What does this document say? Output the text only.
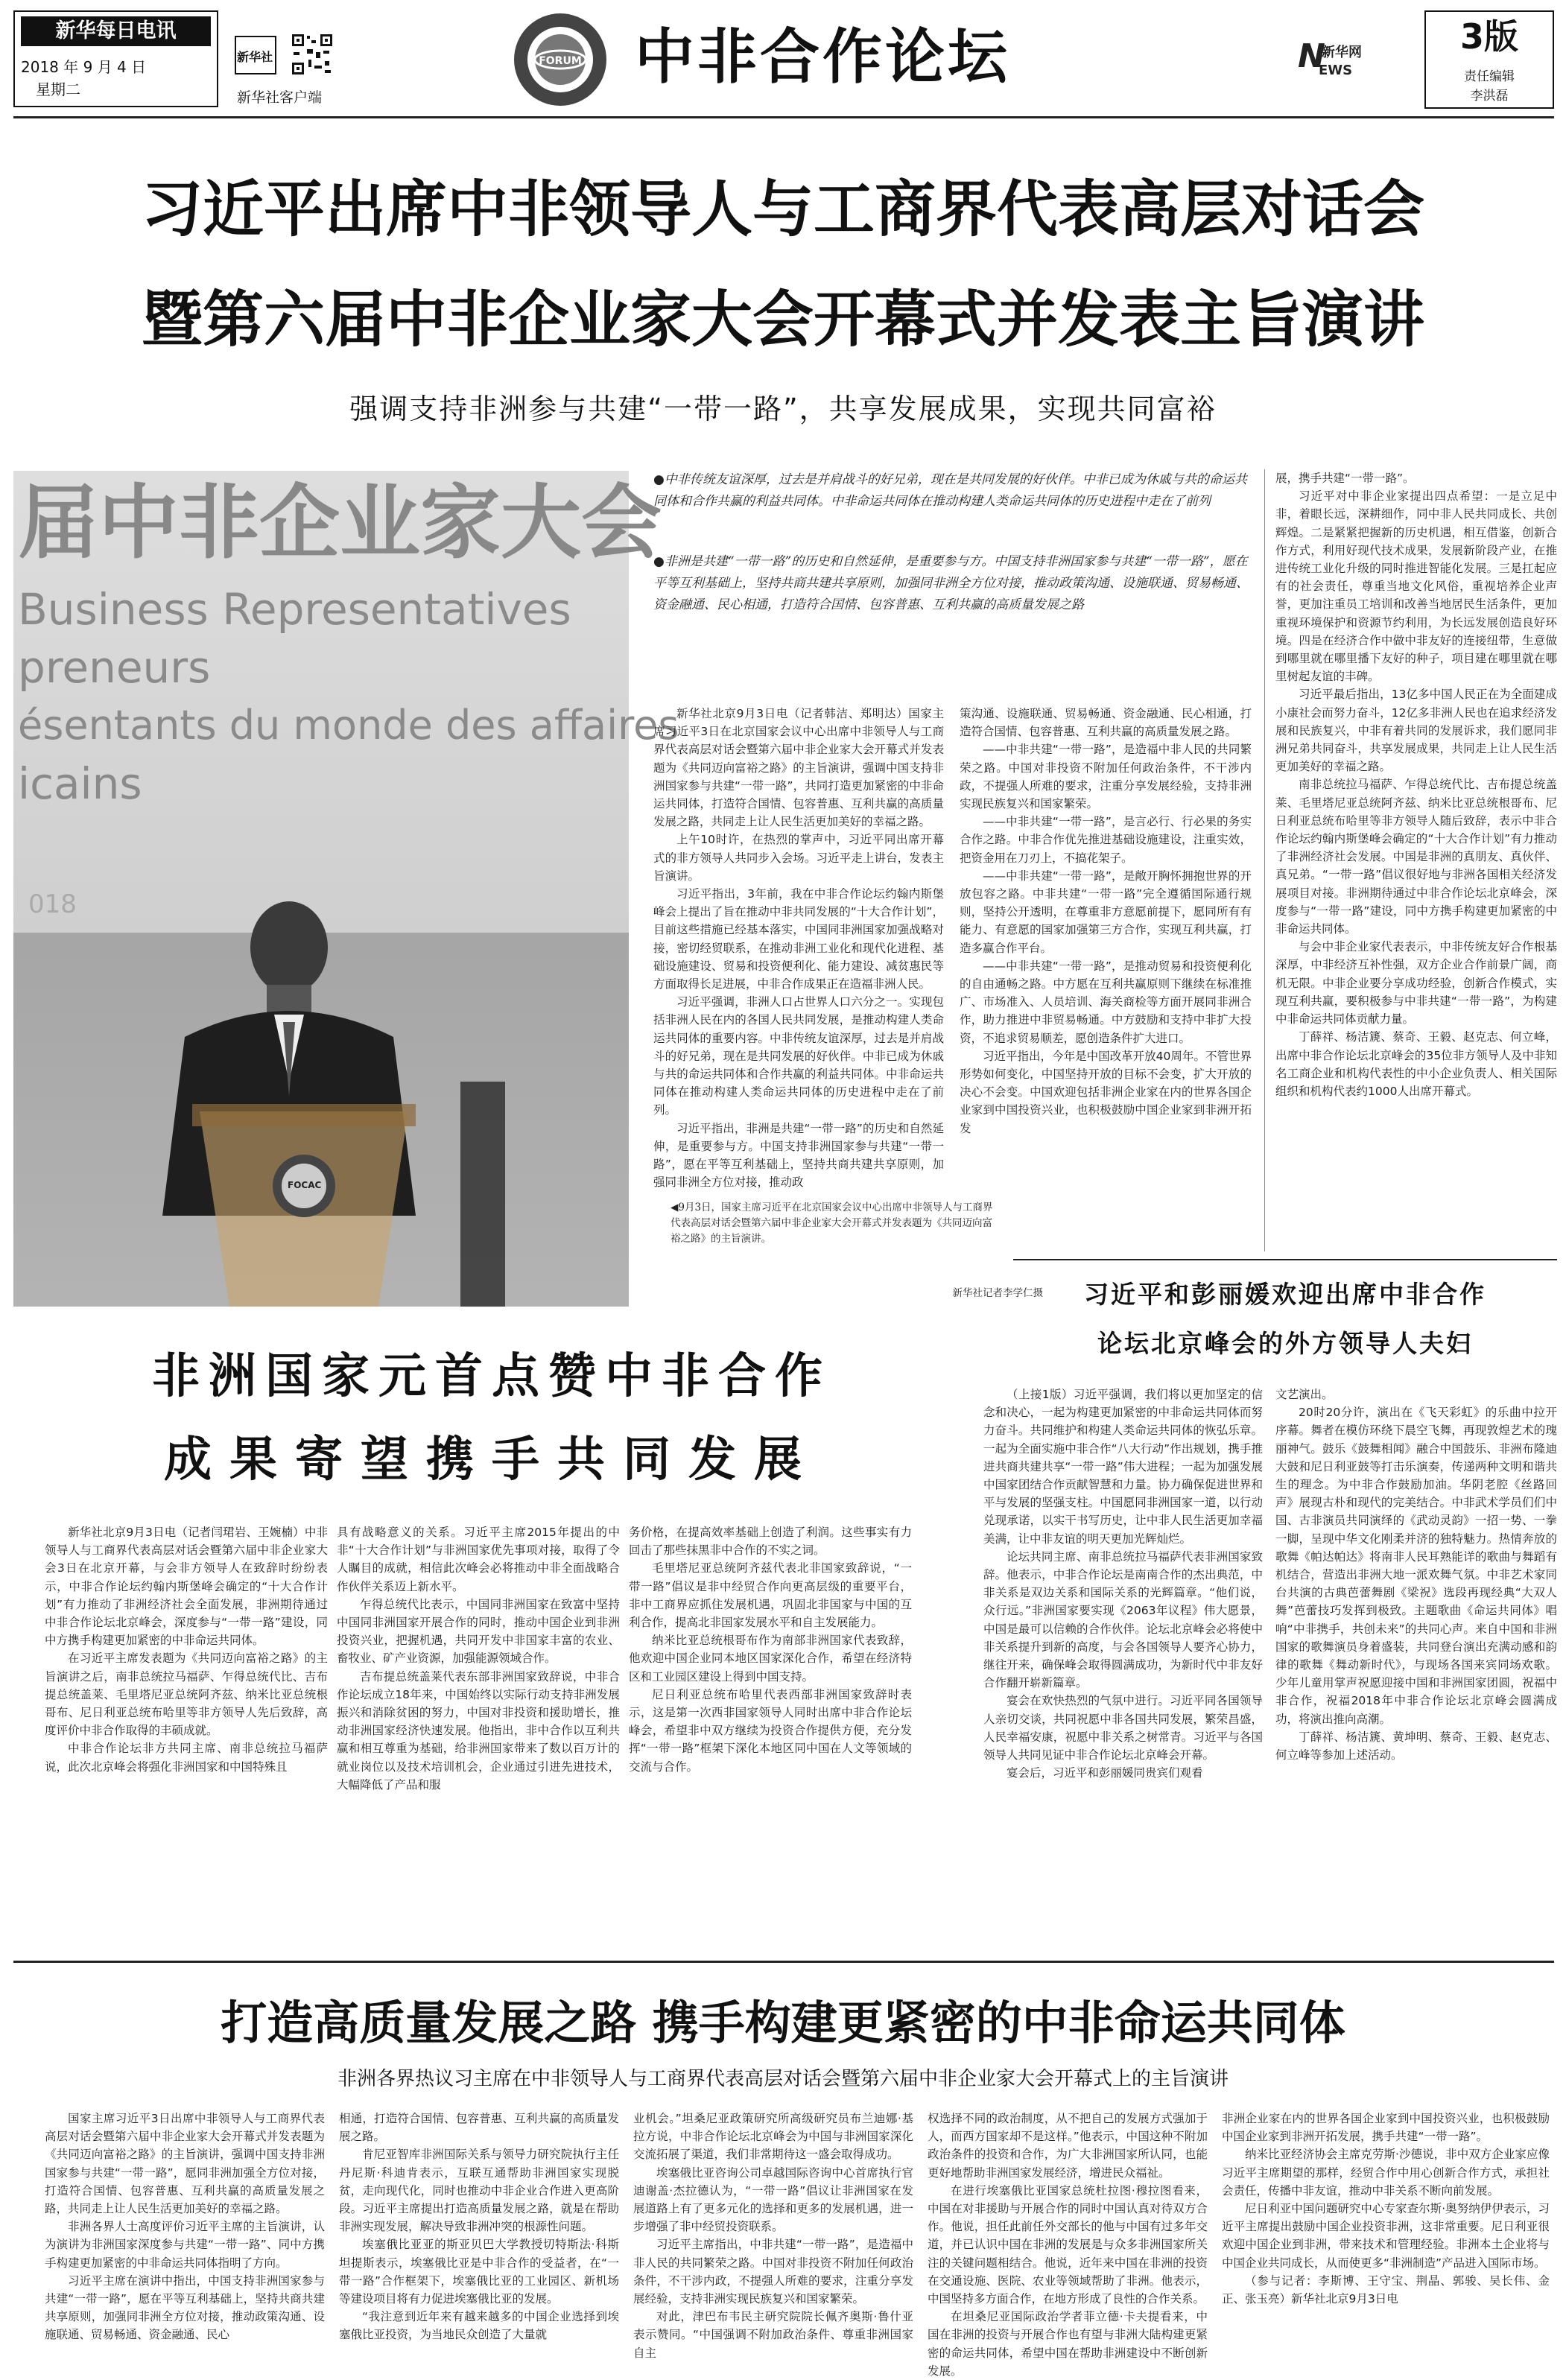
新华每日电讯
2018 年 9 月 4 日
星期二
新华社
新华社客户端
FORUM 中非合作论坛	N
新华网
EWS
3版
责任编辑
李洪磊
习近平出席中非领导人与工商界代表高层对话会
暨第六届中非企业家大会开幕式并发表主旨演讲
强调支持非洲参与共建“一带一路”，共享发展成果，实现共同富裕
届中非企业家大会
Business Representatives
preneurs
ésentants du monde des affaires
icains
018
FOCAC
◀9月3日，国家主席习近平在北京国家会议中心出席中非领导人与工商界代表高层对话会暨第六届中非企业家大会开幕式并发表题为《共同迈向富裕之路》的主旨演讲。
新华社记者李学仁摄
●中非传统友谊深厚，过去是并肩战斗的好兄弟，现在是共同发展的好伙伴。中非已成为休戚与共的命运共同体和合作共赢的利益共同体。中非命运共同体在推动构建人类命运共同体的历史进程中走在了前列
●非洲是共建“一带一路”的历史和自然延伸，是重要参与方。中国支持非洲国家参与共建“一带一路”，愿在平等互利基础上，坚持共商共建共享原则，加强同非洲全方位对接，推动政策沟通、设施联通、贸易畅通、资金融通、民心相通，打造符合国情、包容普惠、互利共赢的高质量发展之路

新华社北京9月3日电（记者韩洁、郑明达）国家主席习近平3日在北京国家会议中心出席中非领导人与工商界代表高层对话会暨第六届中非企业家大会开幕式并发表题为《共同迈向富裕之路》的主旨演讲，强调中国支持非洲国家参与共建“一带一路”，共同打造更加紧密的中非命运共同体，打造符合国情、包容普惠、互利共赢的高质量发展之路，共同走上让人民生活更加美好的幸福之路。

上午10时许，在热烈的掌声中，习近平同出席开幕式的非方领导人共同步入会场。习近平走上讲台，发表主旨演讲。

习近平指出，3年前，我在中非合作论坛约翰内斯堡峰会上提出了旨在推动中非共同发展的“十大合作计划”，目前这些措施已经基本落实，中国同非洲国家加强战略对接，密切经贸联系，在推动非洲工业化和现代化进程、基础设施建设、贸易和投资便利化、能力建设、减贫惠民等方面取得长足进展，中非合作成果正在造福非洲人民。

习近平强调，非洲人口占世界人口六分之一。实现包括非洲人民在内的各国人民共同发展，是推动构建人类命运共同体的重要内容。中非传统友谊深厚，过去是并肩战斗的好兄弟，现在是共同发展的好伙伴。中非已成为休戚与共的命运共同体和合作共赢的利益共同体。中非命运共同体在推动构建人类命运共同体的历史进程中走在了前列。

习近平指出，非洲是共建“一带一路”的历史和自然延伸，是重要参与方。中国支持非洲国家参与共建“一带一路”，愿在平等互利基础上，坚持共商共建共享原则，加强同非洲全方位对接，推动政

策沟通、设施联通、贸易畅通、资金融通、民心相通，打造符合国情、包容普惠、互利共赢的高质量发展之路。

——中非共建“一带一路”，是造福中非人民的共同繁荣之路。中国对非投资不附加任何政治条件，不干涉内政，不提强人所难的要求，注重分享发展经验，支持非洲实现民族复兴和国家繁荣。

——中非共建“一带一路”，是言必行、行必果的务实合作之路。中非合作优先推进基础设施建设，注重实效，把资金用在刀刃上，不搞花架子。

——中非共建“一带一路”，是敞开胸怀拥抱世界的开放包容之路。中非共建“一带一路”完全遵循国际通行规则，坚持公开透明，在尊重非方意愿前提下，愿同所有有能力、有意愿的国家加强第三方合作，实现互利共赢，打造多赢合作平台。

——中非共建“一带一路”，是推动贸易和投资便利化的自由通畅之路。中方愿在互利共赢原则下继续在标准推广、市场准入、人员培训、海关商检等方面开展同非洲合作，助力推进中非贸易畅通。中方鼓励和支持中非扩大投资，不追求贸易顺差，愿创造条件扩大进口。

习近平指出，今年是中国改革开放40周年。不管世界形势如何变化，中国坚持开放的目标不会变，扩大开放的决心不会变。中国欢迎包括非洲企业家在内的世界各国企业家到中国投资兴业，也积极鼓励中国企业家到非洲开拓发

展，携手共建“一带一路”。

习近平对中非企业家提出四点希望：一是立足中非，着眼长远，深耕细作，同中非人民共同成长、共创辉煌。二是紧紧把握新的历史机遇，相互借鉴，创新合作方式，利用好现代技术成果，发展新阶段产业，在推进传统工业化升级的同时推进智能化发展。三是扛起应有的社会责任，尊重当地文化风俗，重视培养企业声誉，更加注重员工培训和改善当地居民生活条件，更加重视环境保护和资源节约利用，为长远发展创造良好环境。四是在经济合作中做中非友好的连接纽带，生意做到哪里就在哪里播下友好的种子，项目建在哪里就在哪里树起友谊的丰碑。

习近平最后指出，13亿多中国人民正在为全面建成小康社会而努力奋斗，12亿多非洲人民也在追求经济发展和民族复兴，中非有着共同的发展诉求，我们愿同非洲兄弟共同奋斗，共享发展成果，共同走上让人民生活更加美好的幸福之路。

南非总统拉马福萨、乍得总统代比、吉布提总统盖莱、毛里塔尼亚总统阿齐兹、纳米比亚总统根哥布、尼日利亚总统布哈里等非方领导人随后致辞，表示中非合作论坛约翰内斯堡峰会确定的“十大合作计划”有力推动了非洲经济社会发展。中国是非洲的真朋友、真伙伴、真兄弟。“一带一路”倡议很好地与非洲各国相关经济发展项目对接。非洲期待通过中非合作论坛北京峰会，深度参与“一带一路”建设，同中方携手构建更加紧密的中非命运共同体。

与会中非企业家代表表示，中非传统友好合作根基深厚，中非经济互补性强，双方企业合作前景广阔，商机无限。中非企业要分享成功经验，创新合作模式，实现互利共赢，要积极参与中非共建“一带一路”，为构建中非命运共同体贡献力量。

丁薛祥、杨洁篪、蔡奇、王毅、赵克志、何立峰，出席中非合作论坛北京峰会的35位非方领导人及中非知名工商企业和机构代表性的中小企业负责人、相关国际组织和机构代表约1000人出席开幕式。

习近平和彭丽媛欢迎出席中非合作
论坛北京峰会的外方领导人夫妇

（上接1版）习近平强调，我们将以更加坚定的信念和决心，一起为构建更加紧密的中非命运共同体而努力奋斗。共同维护和构建人类命运共同体的恢弘乐章。一起为全面实施中非合作“八大行动”作出规划，携手推进共商共建共享“一带一路”伟大进程；一起为加强发展中国家团结合作贡献智慧和力量。协力确保促进世界和平与发展的坚强支柱。中国愿同非洲国家一道，以行动兑现承诺，以实干书写历史，让中非人民生活更加幸福美满，让中非友谊的明天更加光辉灿烂。

论坛共同主席、南非总统拉马福萨代表非洲国家致辞。他表示，中非合作论坛是南南合作的杰出典范，中非关系是双边关系和国际关系的光辉篇章。“他们说，众行远。”非洲国家要实现《2063年议程》伟大愿景，中国是最可以信赖的合作伙伴。论坛北京峰会必将使中非关系提升到新的高度，与会各国领导人要齐心协力，继往开来，确保峰会取得圆满成功，为新时代中非友好合作翻开崭新篇章。

宴会在欢快热烈的气氛中进行。习近平同各国领导人亲切交谈，共同祝愿中非各国共同发展，繁荣昌盛，人民幸福安康，祝愿中非关系之树常青。习近平与各国领导人共同见证中非合作论坛北京峰会开幕。

宴会后，习近平和彭丽媛同贵宾们观看

文艺演出。

20时20分许，演出在《飞天彩虹》的乐曲中拉开序幕。舞者在模仿环绕下晨空飞舞，再现敦煌艺术的瑰丽神气。鼓乐《鼓舞相闻》融合中国鼓乐、非洲布隆迪大鼓和尼日利亚鼓等打击乐演奏，传递两种文明和谐共生的理念。为中非合作鼓励加油。华阴老腔《丝路回声》展现古朴和现代的完美结合。中非武术学员们们中国、古非演员共同演绎的《武动灵韵》一招一势、一拳一脚，呈现中华文化刚柔并济的独特魅力。热情奔放的歌舞《帕达帕达》将南非人民耳熟能详的歌曲与舞蹈有机结合，营造出非洲大地一派欢舞气氛。中非艺术家同台共演的古典芭蕾舞剧《梁祝》选段再现经典“大双人舞”芭蕾技巧发挥到极致。主题歌曲《命运共同体》唱响“中非携手，共创未来”的共同心声。来自中国和非洲国家的歌舞演员身着盛装，共同登台演出充满动感和韵律的歌舞《舞动新时代》，与现场各国来宾同场欢歌。少年儿童用掌声祝愿迎接中国和非洲国家团圆，祝福中非合作，祝福2018年中非合作论坛北京峰会圆满成功，将演出推向高潮。

丁薛祥、杨洁篪、黄坤明、蔡奇、王毅、赵克志、何立峰等参加上述活动。

非洲国家元首点赞中非合作
成果寄望携手共同发展

新华社北京9月3日电（记者闫珺岩、王婉楠）中非领导人与工商界代表高层对话会暨第六届中非企业家大会3日在北京开幕，与会非方领导人在致辞时纷纷表示，中非合作论坛约翰内斯堡峰会确定的“十大合作计划”有力推动了非洲经济社会全面发展，非洲期待通过中非合作论坛北京峰会，深度参与“一带一路”建设，同中方携手构建更加紧密的中非命运共同体。

在习近平主席发表题为《共同迈向富裕之路》的主旨演讲之后，南非总统拉马福萨、乍得总统代比、吉布提总统盖莱、毛里塔尼亚总统阿齐兹、纳米比亚总统根哥布、尼日利亚总统布哈里等非方领导人先后致辞，高度评价中非合作取得的丰硕成就。

中非合作论坛非方共同主席、南非总统拉马福萨说，此次北京峰会将强化非洲国家和中国特殊且

具有战略意义的关系。习近平主席2015年提出的中非“十大合作计划”与非洲国家优先事项对接，取得了令人瞩目的成就，相信此次峰会必将推动中非全面战略合作伙伴关系迈上新水平。

乍得总统代比表示，中国同非洲国家在致富中坚持中国同非洲国家开展合作的同时，推动中国企业到非洲投资兴业，把握机遇，共同开发中非国家丰富的农业、畜牧业、矿产业资源，加强能源领域合作。

吉布提总统盖莱代表东部非洲国家致辞说，中非合作论坛成立18年来，中国始终以实际行动支持非洲发展振兴和消除贫困的努力，中国对非投资和援助增长，推动非洲国家经济快速发展。他指出，非中合作以互利共赢和相互尊重为基础，给非洲国家带来了数以百万计的就业岗位以及技术培训机会，企业通过引进先进技术，大幅降低了产品和服

务价格，在提高效率基础上创造了利润。这些事实有力回击了那些抹黑非中合作的不实之词。

毛里塔尼亚总统阿齐兹代表北非国家致辞说，“一带一路”倡议是非中经贸合作向更高层级的重要平台，非中工商界应抓住发展机遇，巩固北非国家与中国的互利合作，提高北非国家发展水平和自主发展能力。

纳米比亚总统根哥布作为南部非洲国家代表致辞，他欢迎中国企业同本地区国家深化合作，希望在经济特区和工业园区建设上得到中国支持。

尼日利亚总统布哈里代表西部非洲国家致辞时表示，这是第一次西非国家领导人同时出席中非合作论坛峰会，希望非中双方继续为投资合作提供方便，充分发挥“一带一路”框架下深化本地区同中国在人文等领域的交流与合作。

打造高质量发展之路 携手构建更紧密的中非命运共同体
非洲各界热议习主席在中非领导人与工商界代表高层对话会暨第六届中非企业家大会开幕式上的主旨演讲

国家主席习近平3日出席中非领导人与工商界代表高层对话会暨第六届中非企业家大会开幕式并发表题为《共同迈向富裕之路》的主旨演讲，强调中国支持非洲国家参与共建“一带一路”，愿同非洲加强全方位对接，打造符合国情、包容普惠、互利共赢的高质量发展之路，共同走上让人民生活更加美好的幸福之路。

非洲各界人士高度评价习近平主席的主旨演讲，认为演讲为非洲国家深度参与共建“一带一路”、同中方携手构建更加紧密的中非命运共同体指明了方向。

习近平主席在演讲中指出，中国支持非洲国家参与共建“一带一路”，愿在平等互利基础上，坚持共商共建共享原则，加强同非洲全方位对接，推动政策沟通、设施联通、贸易畅通、资金融通、民心

相通，打造符合国情、包容普惠、互利共赢的高质量发展之路。

肯尼亚智库非洲国际关系与领导力研究院执行主任丹尼斯·科迪肯表示，互联互通帮助非洲国家实现脱贫，走向现代化，同时也推动中非企业合作进入更高阶段。习近平主席提出打造高质量发展之路，就是在帮助非洲实现发展，解决导致非洲冲突的根源性问题。

埃塞俄比亚亚的斯亚贝巴大学教授切特斯法·科斯坦提斯表示，埃塞俄比亚是中非合作的受益者，在“一带一路”合作框架下，埃塞俄比亚的工业园区、新机场等建设项目将有力促进埃塞俄比亚的发展。

“我注意到近年来有越来越多的中国企业选择到埃塞俄比亚投资，为当地民众创造了大量就

业机会。”坦桑尼亚政策研究所高级研究员布兰迪娜·基拉方说，中非合作论坛北京峰会为中国与非洲国家深化交流拓展了渠道，我们非常期待这一盛会取得成功。

埃塞俄比亚咨询公司卓越国际咨询中心首席执行官迪谢盖·杰拉德认为，“一带一路”倡议让非洲国家在发展道路上有了更多元化的选择和更多的发展机遇，进一步增强了非中经贸投资联系。

习近平主席指出，中非共建“一带一路”，是造福中非人民的共同繁荣之路。中国对非投资不附加任何政治条件，不干涉内政，不提强人所难的要求，注重分享发展经验，支持非洲实现民族复兴和国家繁荣。

对此，津巴布韦民主研究院院长佩齐奥斯·鲁什亚表示赞同。“中国强调不附加政治条件、尊重非洲国家自主

权选择不同的政治制度，从不把自己的发展方式强加于人，而西方国家却不是这样。”他表示，中国这种不附加政治条件的投资和合作，为广大非洲国家所认同，也能更好地帮助非洲国家发展经济，增进民众福祉。

在进行埃塞俄比亚国家总统杜拉图·穆拉图看来，中国在对非援助与开展合作的同时中国认真对待双方合作。他说，担任此前任外交部长的他与中国有过多年交道，并已认识中国在非洲的发展是与众多非洲国家所关注的关键问题相结合。他说，近年来中国在非洲的投资在交通设施、医院、农业等领域帮助了非洲。他表示，中国坚持多方面合作，在地方形成了良性的合作关系。

在坦桑尼亚国际政治学者菲立德·卡夫提看来，中国在非洲的投资与开展合作也有望与非洲大陆构建更紧密的命运共同体，希望中国在帮助非洲建设中不断创新发展。

非洲企业家在内的世界各国企业家到中国投资兴业，也积极鼓励中国企业家到非洲开拓发展，携手共建“一带一路”。

纳米比亚经济协会主席克劳斯·沙德说，非中双方企业家应像习近平主席期望的那样，经贸合作中用心创新合作方式，承担社会责任，传播中非友谊，推动中非关系不断向前发展。

尼日利亚中国问题研究中心专家查尔斯·奥努纳伊伊表示，习近平主席提出鼓励中国企业投资非洲，这非常重要。尼日利亚很欢迎中国企业到非洲，带来技术和管理经验。非洲本土企业将与中国企业共同成长，从而使更多“非洲制造”产品进入国际市场。

（参与记者：李斯博、王守宝、荆晶、郭骏、吴长伟、金正、张玉亮）新华社北京9月3日电
